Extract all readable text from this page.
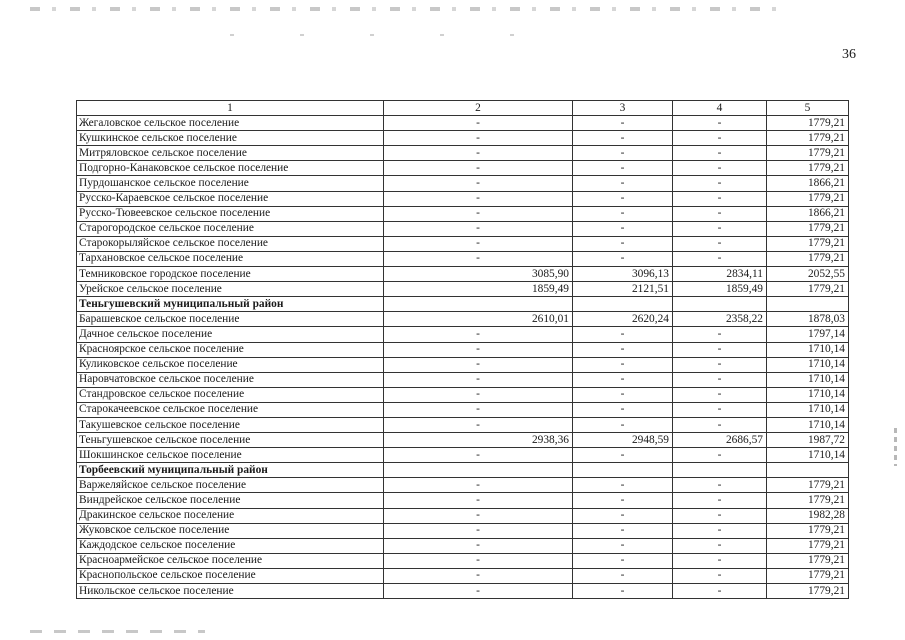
36
1	2	3	4	5
Жегаловское сельское поселение	-	-	-	1779,21
Кушкинское сельское поселение	-	-	-	1779,21
Митряловское сельское поселение	-	-	-	1779,21
Подгорно-Канаковское сельское поселение	-	-	-	1779,21
Пурдошанское сельское поселение	-	-	-	1866,21
Русско-Караевское сельское поселение	-	-	-	1779,21
Русско-Тювеевское сельское поселение	-	-	-	1866,21
Старогородское сельское поселение	-	-	-	1779,21
Старокорыляйское сельское поселение	-	-	-	1779,21
Тархановское сельское поселение	-	-	-	1779,21
Темниковское городское поселение	3085,90	3096,13	2834,11	2052,55
Урейское сельское поселение	1859,49	2121,51	1859,49	1779,21
Теньгушевский муниципальный район				
Барашевское сельское поселение	2610,01	2620,24	2358,22	1878,03
Дачное сельское поселение	-	-	-	1797,14
Красноярское сельское поселение	-	-	-	1710,14
Куликовское сельское поселение	-	-	-	1710,14
Наровчатовское сельское поселение	-	-	-	1710,14
Стандровское сельское поселение	-	-	-	1710,14
Старокачеевское сельское поселение	-	-	-	1710,14
Такушевское сельское поселение	-	-	-	1710,14
Теньгушевское сельское поселение	2938,36	2948,59	2686,57	1987,72
Шокшинское сельское поселение	-	-	-	1710,14
Торбеевский муниципальный район				
Варжеляйское сельское поселение	-	-	-	1779,21
Виндрейское сельское поселение	-	-	-	1779,21
Дракинское сельское поселение	-	-	-	1982,28
Жуковское сельское поселение	-	-	-	1779,21
Каждодское сельское поселение	-	-	-	1779,21
Красноармейское сельское поселение	-	-	-	1779,21
Краснопольское сельское поселение	-	-	-	1779,21
Никольское сельское поселение	-	-	-	1779,21
